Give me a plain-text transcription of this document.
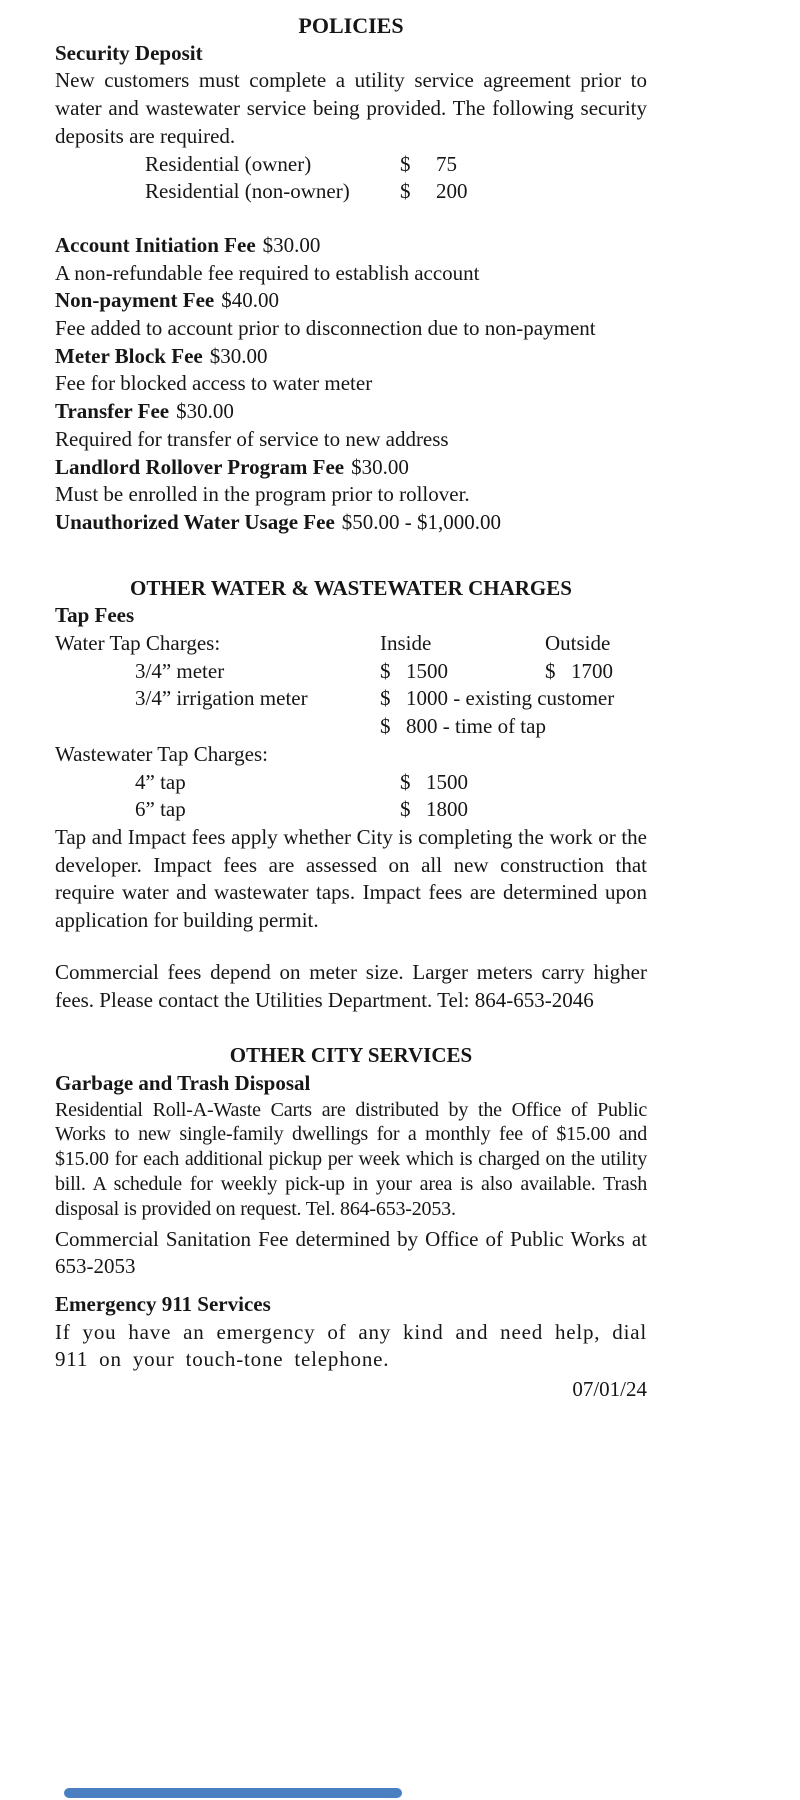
POLICIES
Security Deposit
New customers must complete a utility service agreement prior to water and wastewater service being provided. The following security deposits are required.
Residential (owner)	$	75
Residential (non-owner)	$	200
Account Initiation Fee $30.00
A non-refundable fee required to establish account
Non-payment Fee $40.00
Fee added to account prior to disconnection due to non-payment
Meter Block Fee $30.00
Fee for blocked access to water meter
Transfer Fee $30.00
Required for transfer of service to new address
Landlord Rollover Program Fee $30.00
Must be enrolled in the program prior to rollover.
Unauthorized Water Usage Fee $50.00 - $1,000.00
OTHER WATER & WASTEWATER CHARGES
Tap Fees
Water Tap Charges:	Inside	Outside
3/4” meter	$ 1500	$ 1700
3/4” irrigation meter	$ 1000 - existing customer
$ 800 - time of tap
Wastewater Tap Charges:
4” tap	$ 1500
6” tap	$ 1800
Tap and Impact fees apply whether City is completing the work or the developer. Impact fees are assessed on all new construction that require water and wastewater taps. Impact fees are determined upon application for building permit.
Commercial fees depend on meter size. Larger meters carry higher fees. Please contact the Utilities Department. Tel: 864-653-2046
OTHER CITY SERVICES
Garbage and Trash Disposal
Residential Roll-A-Waste Carts are distributed by the Office of Public Works to new single-family dwellings for a monthly fee of $15.00 and $15.00 for each additional pickup per week which is charged on the utility bill. A schedule for weekly pick-up in your area is also available. Trash disposal is provided on request. Tel. 864-653-2053.
Commercial Sanitation Fee determined by Office of Public Works at 653-2053
Emergency 911 Services
If you have an emergency of any kind and need help, dial 911 on your touch-tone telephone.
07/01/24
